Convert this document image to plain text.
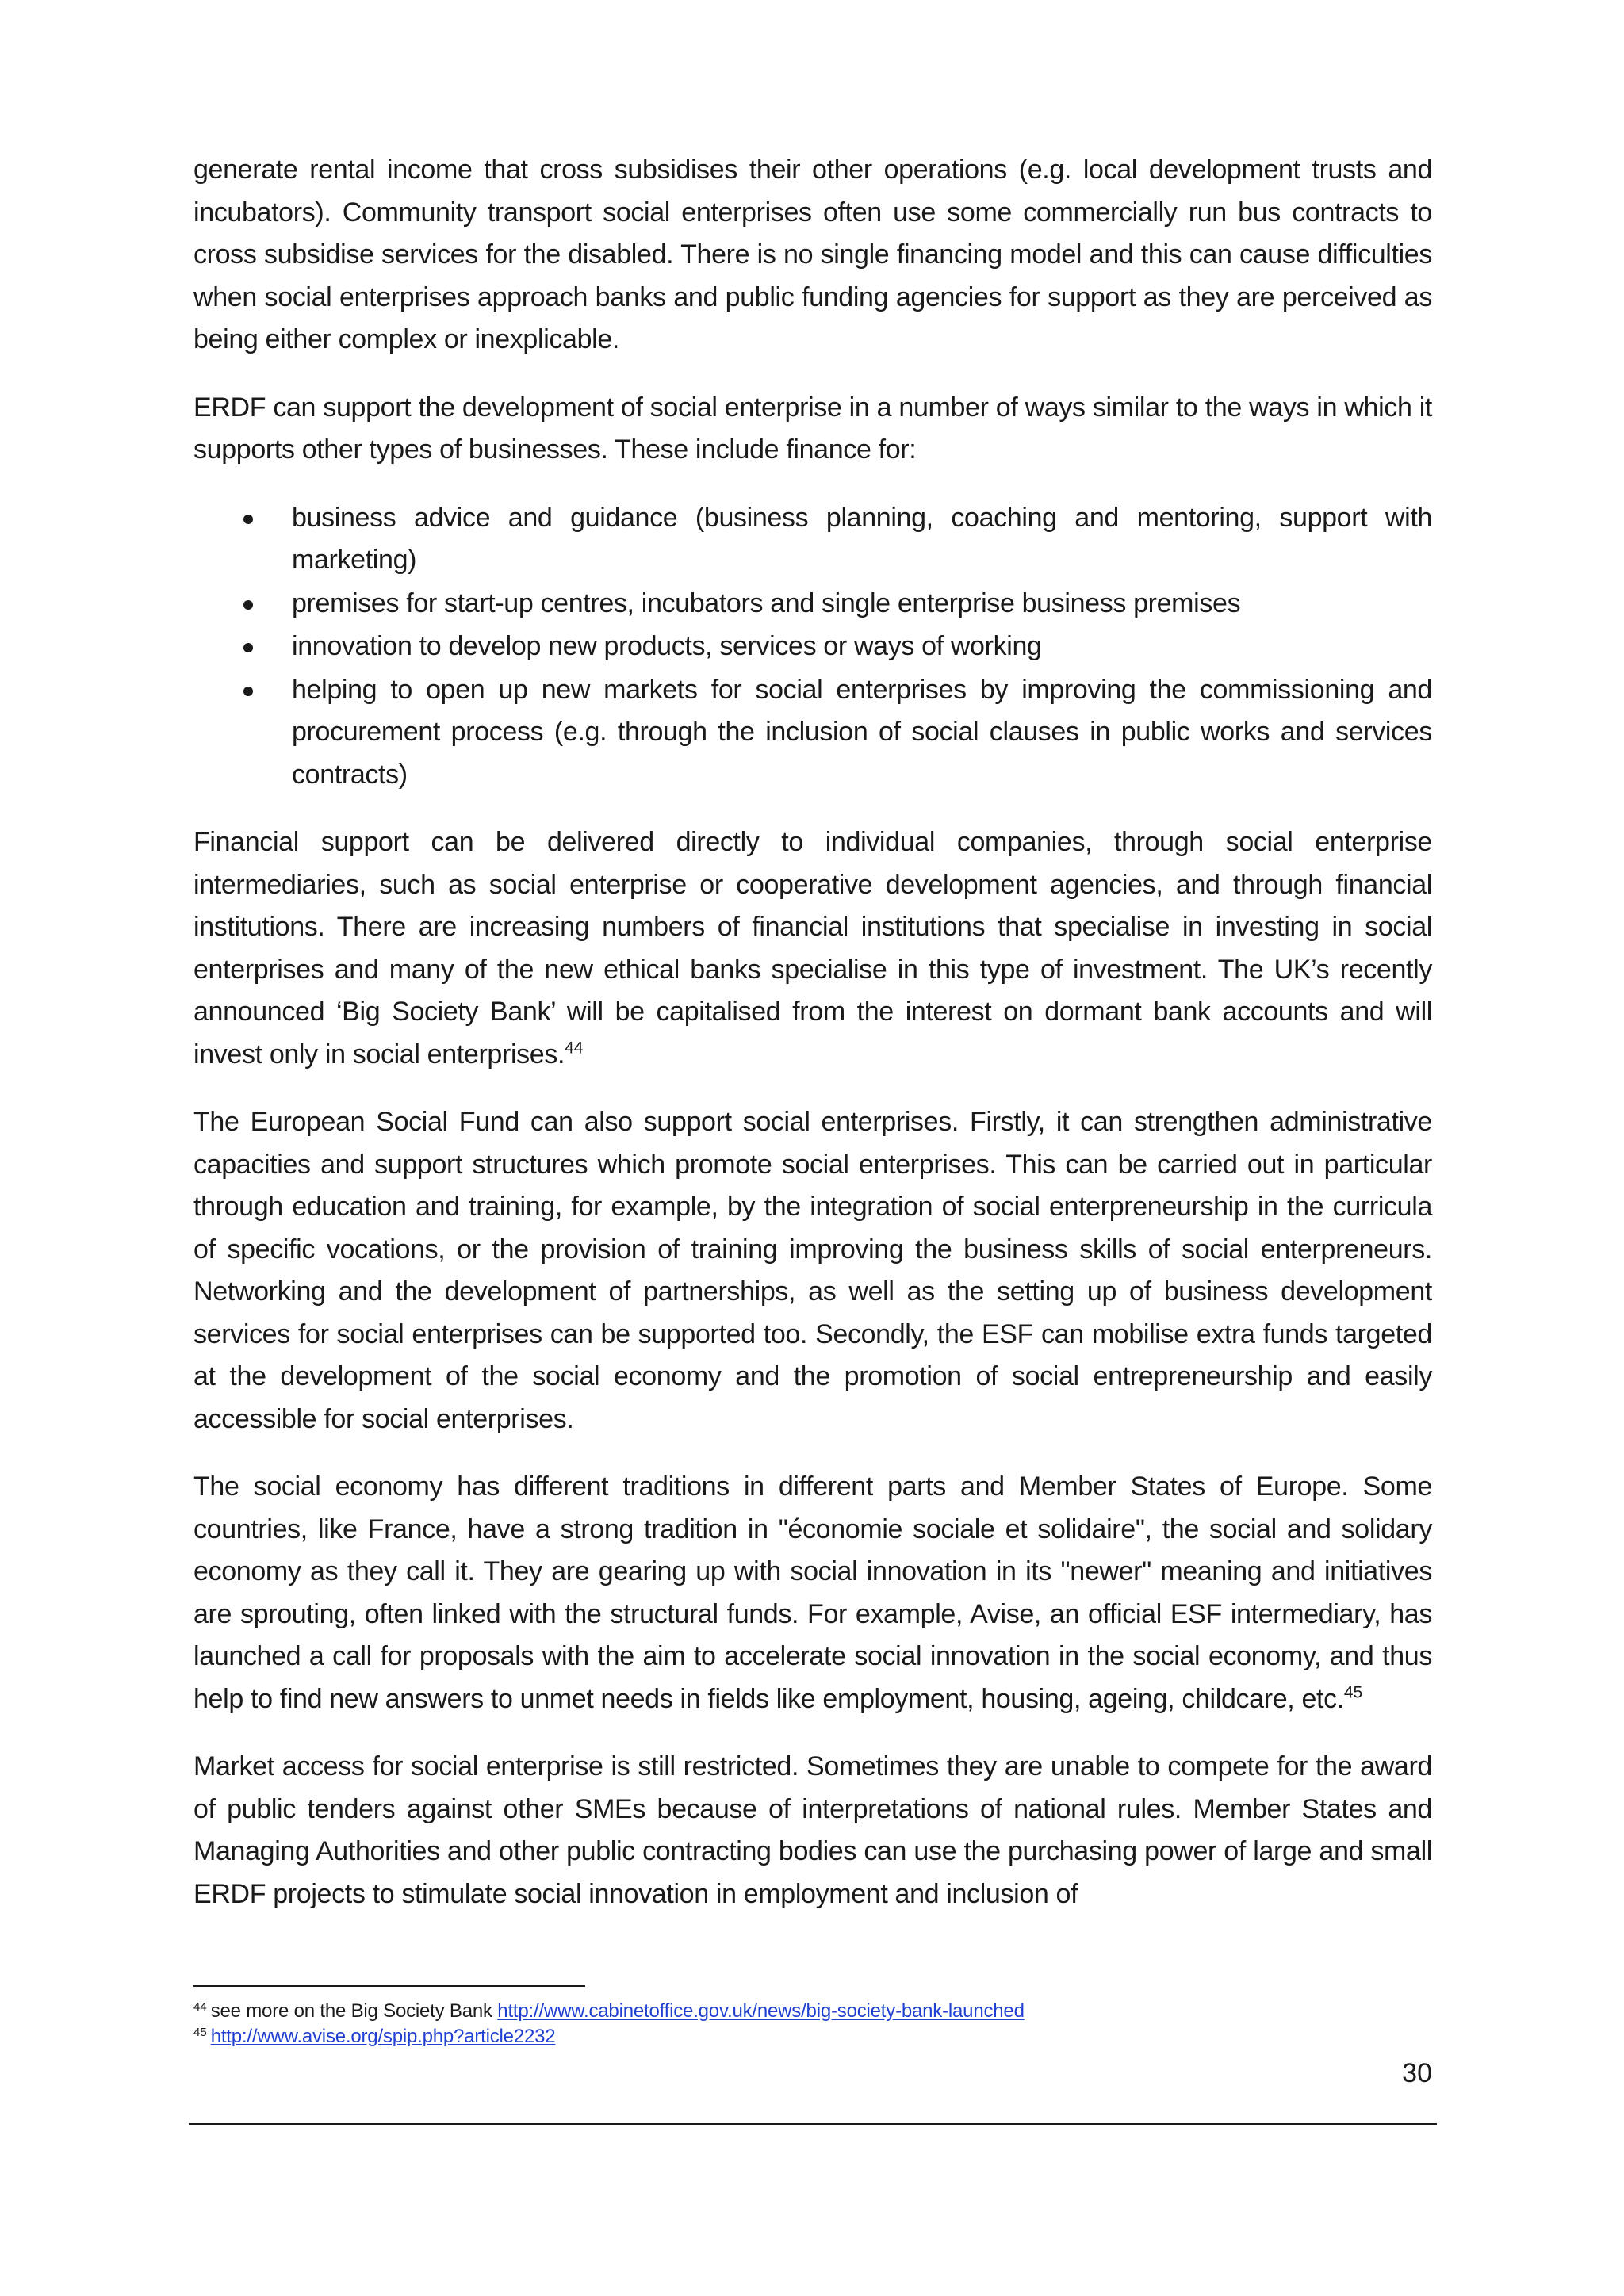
generate rental income that cross subsidises their other operations (e.g. local development trusts and incubators). Community transport social enterprises often use some commercially run bus contracts to cross subsidise services for the disabled. There is no single financing model and this can cause difficulties when social enterprises approach banks and public funding agencies for support as they are perceived as being either complex or inexplicable.

ERDF can support the development of social enterprise in a number of ways similar to the ways in which it supports other types of businesses. These include finance for:

business advice and guidance (business planning, coaching and mentoring, support with marketing)
premises for start-up centres, incubators and single enterprise business premises
innovation to develop new products, services or ways of working
helping to open up new markets for social enterprises by improving the commissioning and procurement process (e.g. through the inclusion of social clauses in public works and services contracts)

Financial support can be delivered directly to individual companies, through social enterprise intermediaries, such as social enterprise or cooperative development agencies, and through financial institutions. There are increasing numbers of financial institutions that specialise in investing in social enterprises and many of the new ethical banks specialise in this type of investment. The UK’s recently announced ‘Big Society Bank’ will be capitalised from the interest on dormant bank accounts and will invest only in social enterprises.$^{44}$

The European Social Fund can also support social enterprises. Firstly, it can strengthen administrative capacities and support structures which promote social enterprises. This can be carried out in particular through education and training, for example, by the integration of social enterpreneurship in the curricula of specific vocations, or the provision of training improving the business skills of social enterpreneurs. Networking and the development of partnerships, as well as the setting up of business development services for social enterprises can be supported too. Secondly, the ESF can mobilise extra funds targeted at the development of the social economy and the promotion of social entrepreneurship and easily accessible for social enterprises.

The social economy has different traditions in different parts and Member States of Europe. Some countries, like France, have a strong tradition in "économie sociale et solidaire", the social and solidary economy as they call it. They are gearing up with social innovation in its "newer" meaning and initiatives are sprouting, often linked with the structural funds. For example, Avise, an official ESF intermediary, has launched a call for proposals with the aim to accelerate social innovation in the social economy, and thus help to find new answers to unmet needs in fields like employment, housing, ageing, childcare, etc.$^{45}$

Market access for social enterprise is still restricted. Sometimes they are unable to compete for the award of public tenders against other SMEs because of interpretations of national rules. Member States and Managing Authorities and other public contracting bodies can use the purchasing power of large and small ERDF projects to stimulate social innovation in employment and inclusion of

$^{44}$ see more on the Big Society Bank http://www.cabinetoffice.gov.uk/news/big-society-bank-launched
$^{45}$ http://www.avise.org/spip.php?article2232
30
